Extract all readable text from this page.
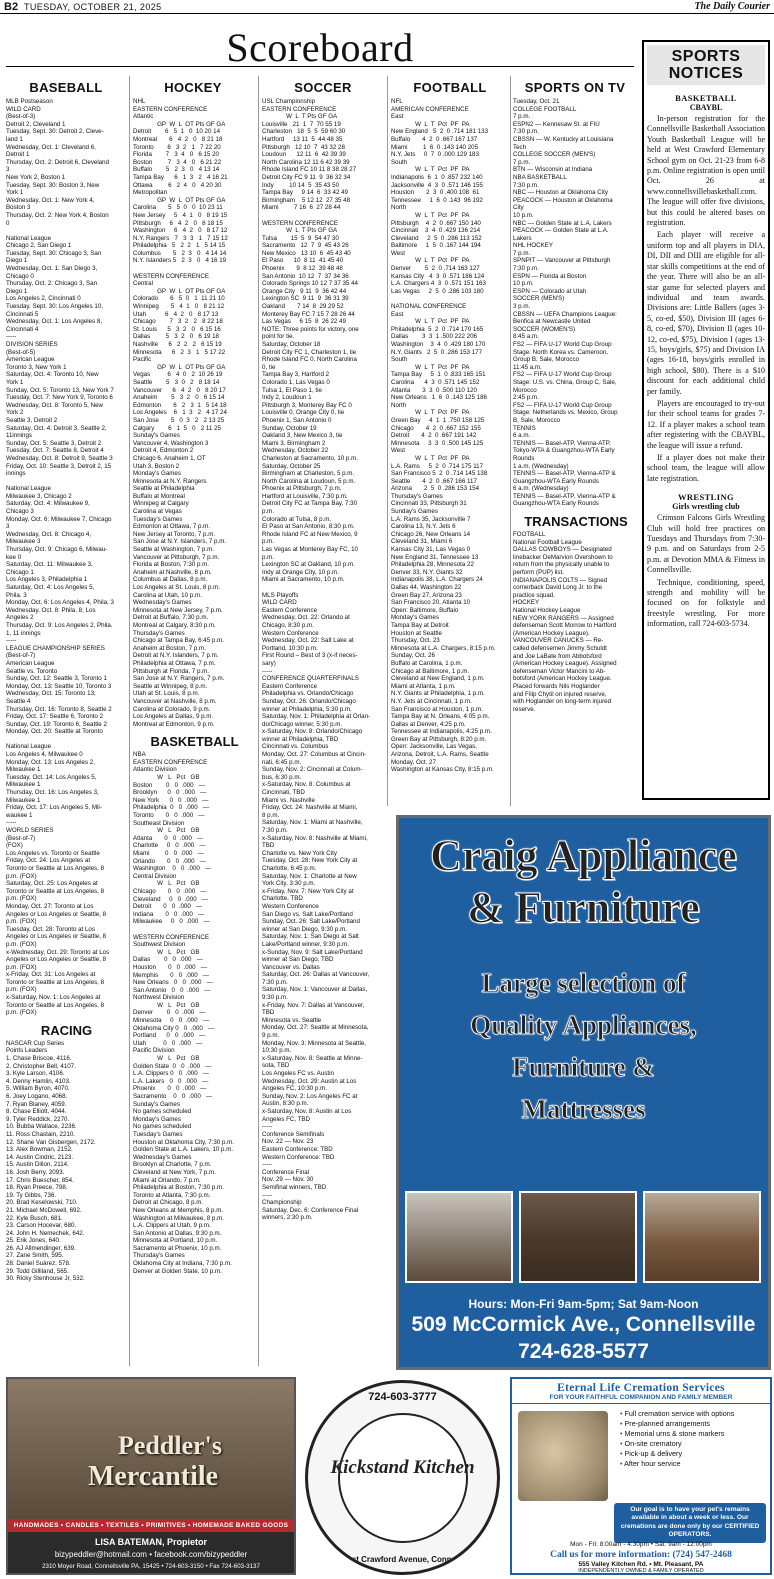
B2 TUESDAY, OCTOBER 21, 2025	The Daily Courier
Scoreboard
BASEBALL	HOCKEY	SOCCER	FOOTBALL	SPORTS ON TV

MLB Postseason
WILD CARD
(Best-of-3)
Detroit 2, Cleveland 1
Tuesday, Sept. 30: Detroit 2, Cleve-
land 1
Wednesday, Oct. 1: Cleveland 6,
Detroit 1
Thursday, Oct. 2: Detroit 6, Cleveland
3
New York 2, Boston 1
Tuesday, Sept. 30: Boston 3, New
York 1
Wednesday, Oct. 1: New York 4,
Boston 3
Thursday, Oct. 2: New York 4, Boston
0

National League
Chicago 2, San Diego 1
Tuesday, Sept. 30: Chicago 3, San
Diego 1
Wednesday, Oct. 1: San Diego 3,
Chicago 0
Thursday, Oct. 2: Chicago 3, San
Diego 1
Los Angeles 2, Cincinnati 0
Tuesday, Sept. 30: Los Angeles 10,
Cincinnati 5
Wednesday, Oct. 1: Los Angeles 8,
Cincinnati 4
-----
DIVISION SERIES
(Best-of-5)
American League
Toronto 3, New York 1
Saturday, Oct. 4: Toronto 10, New
York 1
Sunday, Oct. 5: Toronto 13, New York 7
Tuesday, Oct. 7: New York 9, Toronto 6
Wednesday, Oct. 8: Toronto 5, New
York 2
Seattle 3, Detroit 2
Saturday, Oct. 4: Detroit 3, Seattle 2,
11innings
Sunday, Oct. 5: Seattle 3, Detroit 2
Tuesday, Oct. 7: Seattle 8, Detroit 4
Wednesday, Oct. 8: Detroit 9, Seattle 3
Friday, Oct. 10: Seattle 3, Detroit 2, 15
innings

National League
Milwaukee 3, Chicago 2
Saturday, Oct. 4: Milwaukee 9,
Chicago 3
Monday, Oct. 6: Milwaukee 7, Chicago
3
Wednesday, Oct. 8: Chicago 4,
Milwaukee 3
Thursday, Oct. 9: Chicago 6, Milwau-
kee 0
Saturday, Oct. 11: Milwaukee 3,
Chicago 1
Los Angeles 3, Philadelphia 1
Saturday, Oct. 4: Los Angeles 5,
Phila. 3
Monday, Oct. 6: Los Angeles 4, Phila. 3
Wednesday, Oct. 8: Phila. 8, Los
Angeles 2
Thursday, Oct. 9: Los Angeles 2, Phila.
1, 11 innings
-----
LEAGUE CHAMPIONSHIP SERIES
(Best-of-7)
American League
Seattle vs. Toronto
Sunday, Oct. 12: Seattle 3, Toronto 1
Monday, Oct. 13: Seattle 10, Toronto 3
Wednesday, Oct. 15: Toronto 13,
Seattle 4
Thursday, Oct. 16: Toronto 8, Seattle 2
Friday, Oct. 17: Seattle 6, Toronto 2
Sunday, Oct. 19: Toronto 6, Seattle 2
Monday, Oct. 20: Seattle at Toronto

National League
Los Angeles 4, Milwaukee 0
Monday, Oct. 13: Los Angeles 2,
Milwaukee 1
Tuesday, Oct. 14: Los Angeles 5,
Milwaukee 1
Thursday, Oct. 16: Los Angeles 3,
Milwaukee 1
Friday, Oct. 17: Los Angeles 5, Mil-
waukee 1
-----
WORLD SERIES
(Best-of-7)
(FOX)
Los Angeles vs. Toronto or Seattle
Friday, Oct. 24: Los Angeles at
Toronto or Seattle at Los Angeles, 8
p.m. (FOX)
Saturday, Oct. 25: Los Angeles at
Toronto or Seattle at Los Angeles, 8
p.m. (FOX)
Monday, Oct. 27: Toronto at Los
Angeles or Los Angeles or Seattle, 8
p.m. (FOX)
Tuesday, Oct. 28: Toronto at Los
Angeles or Los Angeles or Seattle, 8
p.m. (FOX)
x-Wednesday, Oct. 29: Toronto at Los
Angeles or Los Angeles or Seattle, 8
p.m. (FOX)
x-Friday, Oct. 31: Los Angeles at
Toronto or Seattle at Los Angeles, 8
p.m. (FOX)
x-Saturday, Nov. 1: Los Angeles at
Toronto or Seattle at Los Angeles, 8
p.m. (FOX)

RACING

NASCAR Cup Series
Points Leaders
1. Chase Briscoe, 4116.
2. Christopher Bell, 4107.
3. Kyle Larson, 4106.
4. Denny Hamlin, 4103.
5. William Byron, 4070.
6. Joey Logano, 4068.
7. Ryan Blaney, 4059.
8. Chase Elliott, 4044.
9. Tyler Reddick, 2270.
10. Bubba Wallace, 2236.
11. Ross Chastain, 2210.
12. Shane Van Gisbergen, 2172.
13. Alex Bowman, 2152.
14. Austin Cindric, 2123.
15. Austin Dillon, 2114.
16. Josh Berry, 2093.
17. Chris Buescher, 854.
18. Ryan Preece, 798.
19. Ty Gibbs, 736.
20. Brad Keselowski, 710.
21. Michael McDowell, 692.
22. Kyle Busch, 681.
23. Carson Hocevar, 680.
24. John H. Nemechek, 642.
25. Erik Jones, 640.
26. AJ Allmendinger, 639.
27. Zane Smith, 595.
28. Daniel Suárez, 578.
29. Todd Gilliland, 565.
30. Ricky Stenhouse Jr, 532.

NHL
EASTERN CONFERENCE
Atlantic
GP  W  L  OT Pts GF GA
Detroit        6   5  1   0  10 20 14
Montreal       6   4  2   0   8 21 18
Toronto        6   3  2   1   7 22 20
Florida        7   3  4   0   6 15 20
Boston         7   3  4   0   6 21 22
Buffalo        5   2  3   0   4 13 14
Tampa Bay      6   1  3   2   4 16 21
Ottawa         6   2  4   0   4 20 30
Metropolitan
GP  W  L  OT Pts GF GA
Carolina       5   5  0   0  10 23 11
New Jersey     5   4  1   0   8 19 15
Pittsburgh     6   4  2   0   8 18 15
Washington     6   4  2   0   8 17 12
N.Y. Rangers   7   3  3   1   7 15 12
Philadelphia   5   2  2   1   5 14 15
Columbus       5   2  3   0   4 14 14
N.Y. Islanders 5   2  3   0   4 16 19

WESTERN CONFERENCE
Central
GP  W  L  OT Pts GF GA
Colorado       6   5  0   1  11 21 10
Winnipeg       5   4  1   0   8 21 12
Utah           6   4  2   0   8 17 13
Chicago        7   3  2   2   8 22 18
St. Louis      5   3  2   0   6 15 16
Dallas         5   3  2   0   6 19 18
Nashville      6   2  2   2   6 15 19
Minnesota      6   2  3   1   5 17 22
Pacific
GP  W  L  OT Pts GF GA
Vegas          6   4  0   2  10 26 19
Seattle        5   3  0   2   8 18 14
Vancouver      6   4  2   0   8 20 17
Anaheim        5   3  2   0   6 15 14
Edmonton       6   2   3  1   5 14 18
Los Angeles    6   1  3   2   4 17 24
San Jose       5   0  3   2   2 13 25
Calgary        6   1  5   0   2 11 25

Sunday's Games
Vancouver 4, Washington 3
Detroit 4, Edmonton 2
Chicago 6, Anaheim 1, OT
Utah 3, Boston 2
Monday's Games
Minnesota at N.Y. Rangers
Seattle at Philadelphia
Buffalo at Montreal
Winnipeg at Calgary
Carolina at Vegas
Tuesday's Games
Edmonton at Ottawa, 7 p.m.
New Jersey at Toronto, 7 p.m.
San Jose at N.Y. Islanders, 7 p.m.
Seattle at Washington, 7 p.m.
Vancouver at Pittsburgh, 7 p.m.
Florida at Boston, 7:30 p.m.
Anaheim at Nashville, 8 p.m.
Columbus at Dallas, 8 p.m.
Los Angeles at St. Louis, 8 p.m.
Carolina at Utah, 10 p.m.
Wednesday's Games
Minnesota at New Jersey, 7 p.m.
Detroit at Buffalo, 7:30 p.m.
Montreal at Calgary, 8:30 p.m.
Thursday's Games
Chicago at Tampa Bay, 6:45 p.m.
Anaheim at Boston, 7 p.m.
Detroit at N.Y. Islanders, 7 p.m.
Philadelphia at Ottawa, 7 p.m.
Pittsburgh at Florida, 7 p.m.
San Jose at N.Y. Rangers, 7 p.m.
Seattle at Winnipeg, 8 p.m.
Utah at St. Louis, 8 p.m.
Vancouver at Nashville, 8 p.m.
Carolina at Colorado, 9 p.m.
Los Angeles at Dallas, 9 p.m.
Montreal at Edmonton, 9 p.m.

BASKETBALL

NBA
EASTERN CONFERENCE
Atlantic Division
W   L   Pct   GB
Boston        0   0  .000   —
Brooklyn      0   0  .000   —
New York      0   0  .000   —
Philadelphia  0   0  .000   —
Toronto       0   0  .000   —
Southeast Division
W   L   Pct   GB
Atlanta       0   0  .000   —
Charlotte     0   0  .000   —
Miami         0   0  .000   —
Orlando       0   0  .000   —
Washington    0   0  .000   —
Central Division
W   L   Pct   GB
Chicago       0   0  .000   —
Cleveland     0   0  .000   —
Detroit       0   0  .000   —
Indiana       0   0  .000   —
Milwaukee     0   0  .000   —

WESTERN CONFERENCE
Southwest Division
W   L   Pct   GB
Dallas        0   0  .000   —
Houston       0   0  .000   —
Memphis       0   0  .000   —
New Orleans   0   0  .000   —
San Antonio   0   0  .000   —
Northwest Division
W   L   Pct   GB
Denver        0   0  .000   —
Minnesota     0   0  .000   —
Oklahoma City 0   0  .000   —
Portland      0   0  .000   —
Utah          0   0  .000   —
Pacific Division
W   L   Pct   GB
Golden State  0   0  .000   —
L.A. Clippers 0   0  .000   —
L.A. Lakers   0   0  .000   —
Phoenix       0   0  .000   —
Sacramento    0   0  .000   —
Sunday's Games
No games scheduled
Monday's Games
No games scheduled
Tuesday's Games
Houston at Oklahoma City, 7:30 p.m.
Golden State at L.A. Lakers, 10 p.m.
Wednesday's Games
Brooklyn at Charlotte, 7 p.m.
Cleveland at New York, 7 p.m.
Miami at Orlando, 7 p.m.
Philadelphia at Boston, 7:30 p.m.
Toronto at Atlanta, 7:30 p.m.
Detroit at Chicago, 8 p.m.
New Orleans at Memphis, 8 p.m.
Washington at Milwaukee, 8 p.m.
L.A. Clippers at Utah, 9 p.m.
San Antonio at Dallas, 9:30 p.m.
Minnesota at Portland, 10 p.m.
Sacramento at Phoenix, 10 p.m.
Thursday's Games
Oklahoma City at Indiana, 7:30 p.m.
Denver at Golden State, 10 p.m.

USL Championship
EASTERN CONFERENCE
W  L  T Pts GF GA
Louisville   21  1  7  70 55 19
Charleston   18  5  5  59 60 30
Hartford     13 11  5  44 48 35
Pittsburgh   12 10  7  43 32 28
Loudoun      12 11  6  42 39 39
North Carolina 12 11 6 42 39 39
Rhode Island FC 10 11 8 38 28 27
Detroit City FC 9 11  9  36 32 34
Indy         10 14  5  35 43 50
Tampa Bay     9 14  6  33 42 49
Birmingham    5 12 12  27 35 48
Miami         7 16  6  27 28 44

WESTERN CONFERENCE
W  L  T Pts GF GA
Tulsa        15  5  9  54 47 30
Sacramento   12  7  9  45 43 26
New Mexico   13 10  6  45 43 40
El Paso      10  8 11  41 45 40
Phoenix       9  8 12  39 48 48
San Antonio  10 12  7  37 34 36
Colorado Springs 10 12 7 37 35 44
Orange City   9 11  9  36 42 44
Lexington SC  9 11  9  36 31 39
Oakland       7 14  8  29 29 52
Monterey Bay FC 7 15 7 28 26 44
Las Vegas     6 15  8  26 22 49
NOTE: Three points for victory, one
point for tie.
Saturday, October 18
Detroit City FC 1, Charleston 1, tie
Rhode Island FC 0, North Carolina
0, tie
Tampa Bay 3, Hartford 2
Colorado 1, Las Vegas 0
Tulsa 1, El Paso 1, tie
Indy 2, Loudoun 1
Pittsburgh 3, Monterey Bay FC 0
Louisville 0, Orange City 0, tie
Phoenix 1, San Antonio 0
Sunday, October 19
Oakland 3, New Mexico 3, tie
Miami 3, Birmingham 2
Wednesday, October 22
Charleston at Sacramento, 10 p.m.
Saturday, October 25
Birmingham at Charleston, 5 p.m.
North Carolina at Loudoun, 5 p.m.
Phoenix at Pittsburgh, 7 p.m.
Hartford at Louisville, 7:30 p.m.
Detroit City FC at Tampa Bay, 7:30
p.m.
Colorado at Tulsa, 8 p.m.
El Paso at San Antonio, 8:30 p.m.
Rhode Island FC at New Mexico, 9
p.m.
Las Vegas at Monterey Bay FC, 10
p.m.
Lexington SC at Oakland, 10 p.m.
Indy at Orange City, 10 p.m.
Miami at Sacramento, 10 p.m.

MLS Playoffs
WILD CARD
Eastern Conference
Wednesday, Oct. 22: Orlando at
Chicago, 8:30 p.m.
Western Conference
Wednesday, Oct. 22: Salt Lake at
Portland, 10:30 p.m.
First Round – Best of 3 (x-if neces-
sary)
-----
CONFERENCE QUARTERFINALS
Eastern Conference
Philadelphia vs. Orlando/Chicago
Sunday, Oct. 26: Orlando/Chicago
winner at Philadelphia, 5:30 p.m.
Saturday, Nov. 1: Philadelphia at Orlan-
do/Chicago winner, 5:30 p.m.
x-Saturday, Nov. 8: Orlando/Chicago
winner at Philadelphia, TBD
Cincinnati vs. Columbus
Monday, Oct. 27: Columbus at Cincin-
nati, 6:45 p.m.
Sunday, Nov. 2: Cincinnati at Colum-
bus, 6:30 p.m.
x-Saturday, Nov. 8: Columbus at
Cincinnati, TBD
Miami vs. Nashville
Friday, Oct. 24: Nashville at Miami,
8 p.m.
Saturday, Nov. 1: Miami at Nashville,
7:30 p.m.
x-Saturday, Nov. 8: Nashville at Miami,
TBD
Charlotte vs. New York City
Tuesday, Oct. 28: New York City at
Charlotte, 6:45 p.m.
Saturday, Nov. 1: Charlotte at New
York City, 3:30 p.m.
x-Friday, Nov. 7: New York City at
Charlotte, TBD
Western Conference
San Diego vs. Salt Lake/Portland
Sunday, Oct. 26: Salt Lake/Portland
winner at San Diego, 9:30 p.m.
Saturday, Nov. 1: San Diego at Salt
Lake/Portland winner, 9:30 p.m.
x-Sunday, Nov. 9: Salt Lake/Portland
winner at San Diego, TBD
Vancouver vs. Dallas
Saturday, Oct. 26: Dallas at Vancouver,
7:30 p.m.
Saturday, Nov. 1: Vancouver at Dallas,
9:30 p.m.
x-Friday, Nov. 7: Dallas at Vancouver,
TBD
Minnesota vs. Seattle
Monday, Oct. 27: Seattle at Minnesota,
9 p.m.
Monday, Nov. 3: Minnesota at Seattle,
10:30 p.m.
x-Saturday, Nov. 8: Seattle at Minne-
sota, TBD
Los Angeles FC vs. Austin
Wednesday, Oct. 29: Austin at Los
Angeles FC, 10:30 p.m.
Sunday, Nov. 2: Los Angeles FC at
Austin, 8:30 p.m.
x-Saturday, Nov. 8: Austin at Los
Angeles FC, TBD
-----
Conference Semifinals
Nov. 22 — Nov. 23
Eastern Conference: TBD
Western Conference: TBD
-----
Conference Final
Nov. 29 — Nov. 30
Semifinal winners, TBD
-----
Championship
Saturday, Dec. 6: Conference Final
winners, 2:30 p.m.

NFL
AMERICAN CONFERENCE
East
W  L  T  Pct  PF  PA
New England   5  2  0 .714 181 133
Buffalo       4  2  0 .667 167 137
Miami         1  6  0 .143 140 205
N.Y. Jets     0  7  0 .000 129 183
South
W  L  T  Pct  PF  PA
Indianapolis  6  1  0 .857 232 140
Jacksonville  4  3  0 .571 146 155
Houston       2  3  0 .400 108  61
Tennessee     1  6  0 .143  96 192
North
W  L  T  Pct  PF  PA
Pittsburgh    4  2  0 .667 150 140
Cincinnati    3  4  0 .429 136 214
Cleveland     2  5  0 .286 113 152
Baltimore     1  5  0 .167 144 194
West
W  L  T  Pct  PF  PA
Denver        5  2  0 .714 163 127
Kansas City   4  3  0 .571 186 124
L.A. Chargers 4  3  0 .571 151 163
Las Vegas     2  5  0 .286 103 180

NATIONAL CONFERENCE
East
W  L  T  Pct  PF  PA
Philadelphia  5  2  0 .714 170 165
Dallas        3  3  1 .500 222 206
Washington    3  4  0 .429 180 170
N.Y. Giants   2  5  0 .286 153 177
South
W  L  T  Pct  PF  PA
Tampa Bay     5  1  0 .833 165 151
Carolina      4  3  0 .571 145 152
Atlanta       3  3  0 .500 110 120
New Orleans   1  6  0 .143 125 186
North
W  L  T  Pct  PF  PA
Green Bay     4  1  1 .750 158 125
Chicago       4  2  0 .667 152 155
Detroit       4  2  0 .667 191 142
Minnesota     3  3  0 .500 145 125
West
W  L  T  Pct  PF  PA
L.A. Rams     5  2  0 .714 175 117
San Francisco 5  2  0 .714 145 138
Seattle       4  2  0 .667 166 117
Arizona       2  5  0 .286 153 154
Thursday's Games
Cincinnati 33, Pittsburgh 31
Sunday's Games
L.A. Rams 35, Jacksonville 7
Carolina 13, N.Y. Jets 6
Chicago 26, New Orleans 14
Cleveland 31, Miami 6
Kansas City 31, Las Vegas 0
New England 31, Tennessee 13
Philadelphia 28, Minnesota 22
Denver 33, N.Y. Giants 32
Indianapolis 38, L.A. Chargers 24
Dallas 44, Washington 22
Green Bay 27, Arizona 23
San Francisco 20, Atlanta 10
Open: Baltimore, Buffalo
Monday's Games
Tampa Bay at Detroit
Houston at Seattle
Thursday, Oct. 23
Minnesota at L.A. Chargers, 8:15 p.m.
Sunday, Oct. 26
Buffalo at Carolina, 1 p.m.
Chicago at Baltimore, 1 p.m.
Cleveland at New England, 1 p.m.
Miami at Atlanta, 1 p.m.
N.Y. Giants at Philadelphia, 1 p.m.
N.Y. Jets at Cincinnati, 1 p.m.
San Francisco at Houston, 1 p.m.
Tampa Bay at N. Orleans, 4:05 p.m.
Dallas at Denver, 4:25 p.m.
Tennessee at Indianapolis, 4:25 p.m.
Green Bay at Pittsburgh, 8:20 p.m.
Open: Jacksonville, Las Vegas,
Arizona, Detroit, L.A. Rams, Seattle
Monday, Oct. 27
Washington at Kansas City, 8:15 p.m.

Tuesday, Oct. 21
COLLEGE FOOTBALL
7 p.m.
ESPN2 — Kennesaw St. at FIU
7:30 p.m.
CBSSN — W. Kentucky at Louisiana
Tech
COLLEGE SOCCER (MEN'S)
7 p.m.
BTN — Wisconsin at Indiana
NBA BASKETBALL
7:30 p.m.
NBC — Houston at Oklahoma City
PEACOCK — Houston at Oklahoma
City
10 p.m.
NBC — Golden State at L.A. Lakers
PEACOCK — Golden State at L.A.
Lakers
NHL HOCKEY
7 p.m.
SPNPIT — Vancouver at Pittsburgh
7:30 p.m.
ESPN — Florida at Boston
10 p.m.
ESPN — Colorado at Utah
SOCCER (MEN'S)
3 p.m.
CBSSN — UEFA Champions League:
Benfica at Newcastle United
SOCCER (WOMEN'S)
8:45 a.m.
FS2 — FIFA U-17 World Cup Group
Stage: North Korea vs. Cameroon,
Group B, Sale, Morocco
11:45 a.m.
FS2 — FIFA U-17 World Cup Group
Stage: U.S. vs. China, Group C, Sale,
Morocco
2:45 p.m.
FS2 — FIFA U-17 World Cup Group
Stage: Netherlands vs. Mexico, Group
B, Sale, Morocco
TENNIS
6 a.m.
TENNIS — Basel-ATP, Vienna-ATP,
Tokyo-WTA & Guangzhou-WTA Early
Rounds
1 a.m. (Wednesday)
TENNIS — Basel-ATP, Vienna-ATP &
Guangzhou-WTA Early Rounds
6 a.m. (Wednesday)
TENNIS — Basel-ATP, Vienna-ATP &
Guangzhou-WTA Early Rounds

TRANSACTIONS

FOOTBALL
National Football League
DALLAS COWBOYS — Designated
linebacker DeMarvion Overshown to
return from the physically unable to
perform (PUP) list.
INDIANAPOLIS COLTS — Signed
cornerback David Long Jr. to the
practice squad.
HOCKEY
National Hockey League
NEW YORK RANGERS — Assigned
defenseman Scott Morrow to Hartford
(American Hockey League).
VANCOUVER CANUCKS — Re-
called defensemen Jimmy Schuldt
and Joe LaBate from Abbotsford
(American Hockey League). Assigned
defenseman Victor Mancini to Ab-
botsford (American Hockey League.
Placed forwards Nils Hoglander
and Filip Chytil on injured reserve,
with Hoglander on long-term injured
reserve.

SPORTS
NOTICES
BASKETBALL
CBAYBL

In-person registration for the Connellsville Basketball Association Youth Basketball League will be held at West Crawford Elementary School gym on Oct. 21-23 from 6-8 p.m. Online registration is open until Oct. 26 at www.connellsvillebasketball.com. The league will offer five divisions, but this could be altered bases on registration.

Each player will receive a uniform top and all players in DIA, DI, DII and DIII are eligible for all-star skills competitions at the end of the year. There will also be an all-star game for selected players and individual and team awards. Divisions are: Little Ballers (ages 3-5, co-ed, $50), Division III (ages 6-8, co-ed, $70), Division II (ages 10-12, co-ed, $75), Division I (ages 13-15, boys/girls, $75) and Division IA (ages 16-18, boys/girls enrolled in high school, $80). There is a $10 discount for each additional child per family.

Players are encouraged to try-out for their school teams for grades 7-12. If a player makes a school team after registering with the CBAYBL, the league will issue a refund.

If a player does not make their school team, the league will allow late registration.

WRESTLING
Girls wrestling club

Crimson Falcons Girls Wrestling Club will hold free practices on Tuesdays and Thursdays from 7:30-9 p.m. and on Saturdays from 2-5 p.m. at Devotion MMA & Fitness in Connellsville.

Technique, conditioning, speed, strength and mobility will be focused on for folkstyle and freestyle wrestling. For more information, call 724-603-5734.

Craig Appliance
& Furniture
Large selection of
Quality Appliances,
Furniture &
Mattresses
Hours: Mon-Fri 9am-5pm; Sat 9am-Noon
509 McCormick Ave., Connellsville
724-628-5577
Peddler's
Mercantile
HANDMADES • CANDLES • TEXTILES • PRIMITIVES • HOMEMADE BAKED GOODS
LISA BATEMAN, Propietor
bizypeddler@hotmail.com • facebook.com/bizypeddler
2310 Moyer Road, Connellsville PA, 15425 • 724-603-3150 • Fax 724-603-3137
724-603-3777
Kickstand Kitchen
507 West Crawford Avenue, Connellsville
Eternal Life Cremation Services
FOR YOUR FAITHFUL COMPANION AND FAMILY MEMBER
• Full cremation service with options
• Pre-planned arrangements
• Memorial urns & stone markers
• On-site crematory
• Pick-up & delivery
• After hour service
Our goal is to have your pet's remains available in about a week or less. Our cremations are done only by our CERTIFIED OPERATORS.
Mon - Fri: 8:00am - 4:30pm • Sat: 9am - 12:00pm
Call us for more information: (724) 547-2468
555 Valley Kitchen Rd. • Mt. Pleasant, PA
INDEPENDENTLY OWNED & FAMILY OPERATED
